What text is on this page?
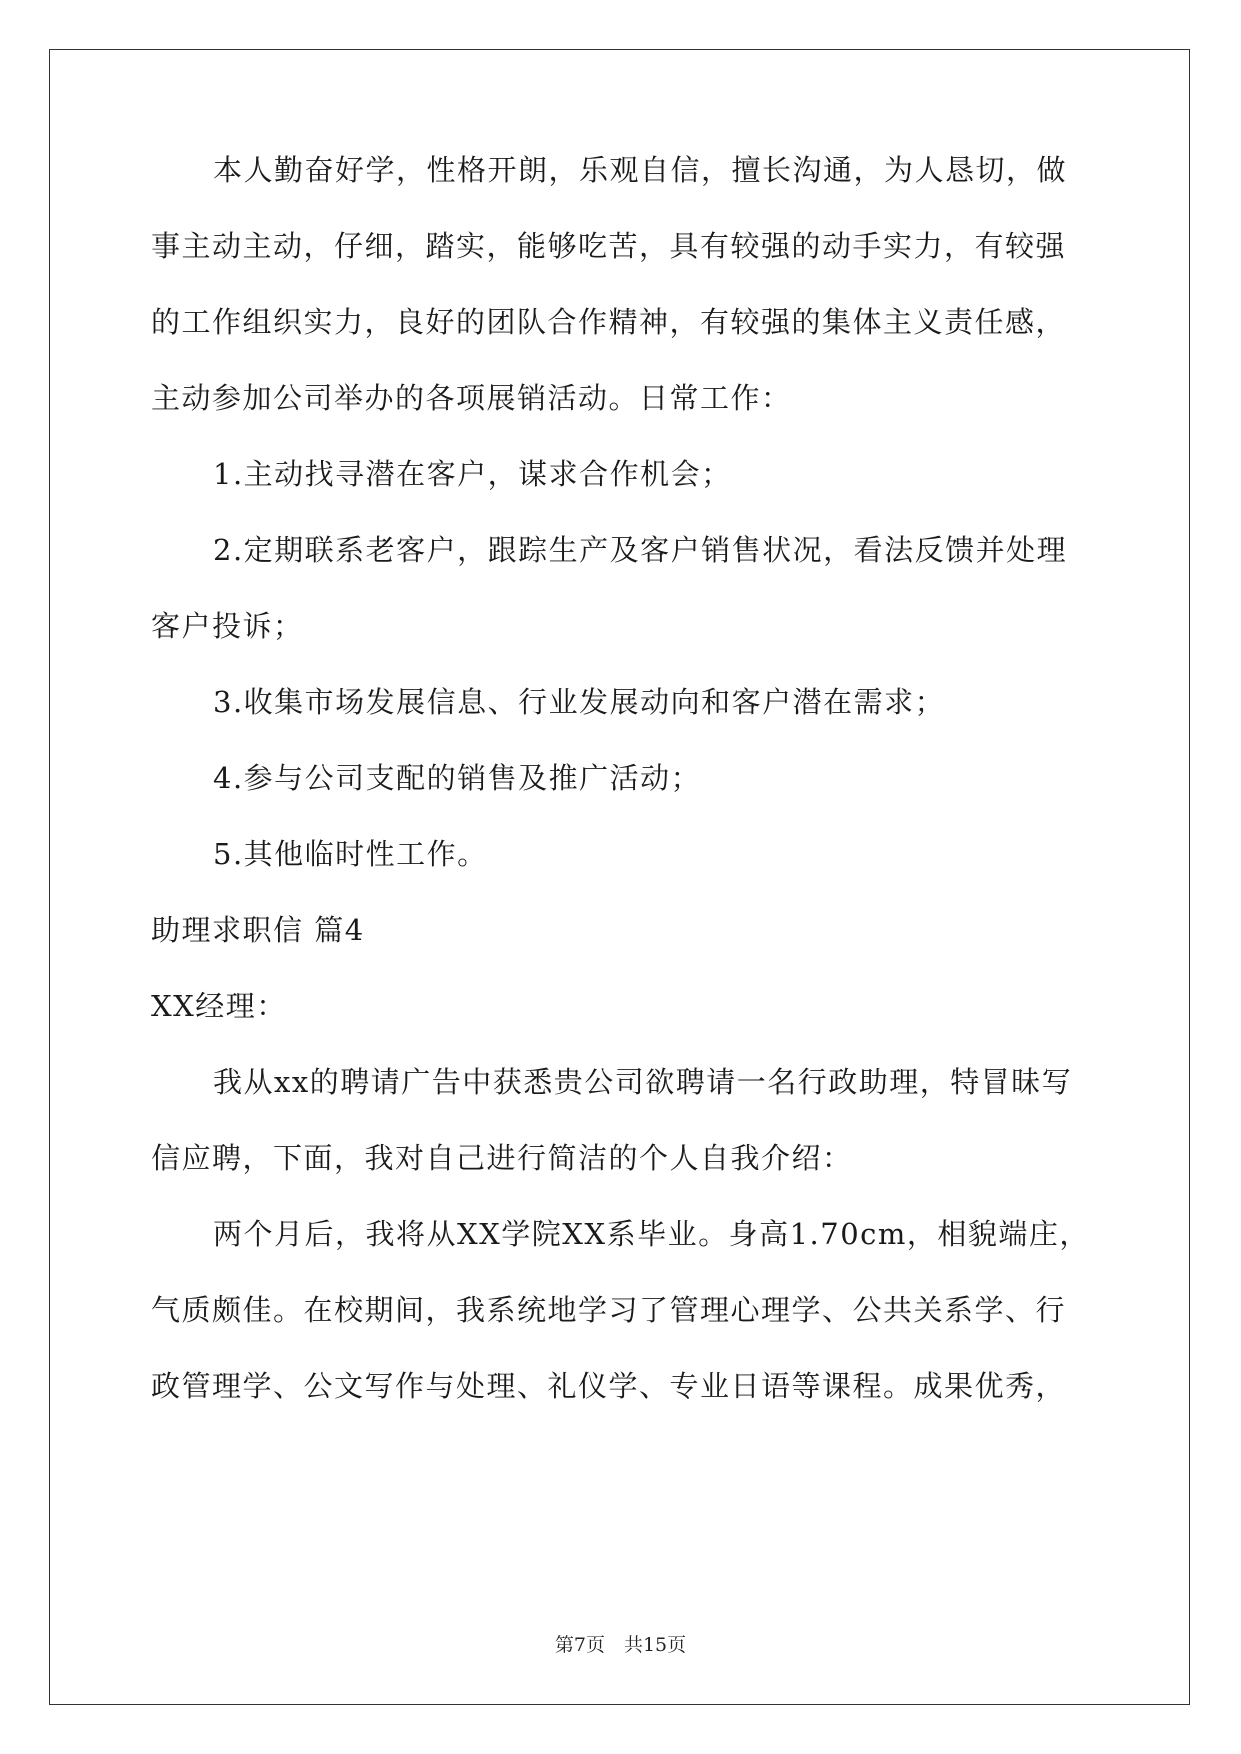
本人勤奋好学，性格开朗，乐观自信，擅长沟通，为人恳切，做
事主动主动，仔细，踏实，能够吃苦，具有较强的动手实力，有较强
的工作组织实力，良好的团队合作精神，有较强的集体主义责任感，
主动参加公司举办的各项展销活动。日常工作：
1.主动找寻潜在客户，谋求合作机会；
2.定期联系老客户，跟踪生产及客户销售状况，看法反馈并处理
客户投诉；
3.收集市场发展信息、行业发展动向和客户潜在需求；
4.参与公司支配的销售及推广活动；
5.其他临时性工作。
助理求职信 篇4
XX经理：
我从xx的聘请广告中获悉贵公司欲聘请一名行政助理，特冒昧写
信应聘，下面，我对自己进行简洁的个人自我介绍：
两个月后，我将从XX学院XX系毕业。身高1.70cm，相貌端庄，
气质颇佳。在校期间，我系统地学习了管理心理学、公共关系学、行
政管理学、公文写作与处理、礼仪学、专业日语等课程。成果优秀，
第7页　共15页
